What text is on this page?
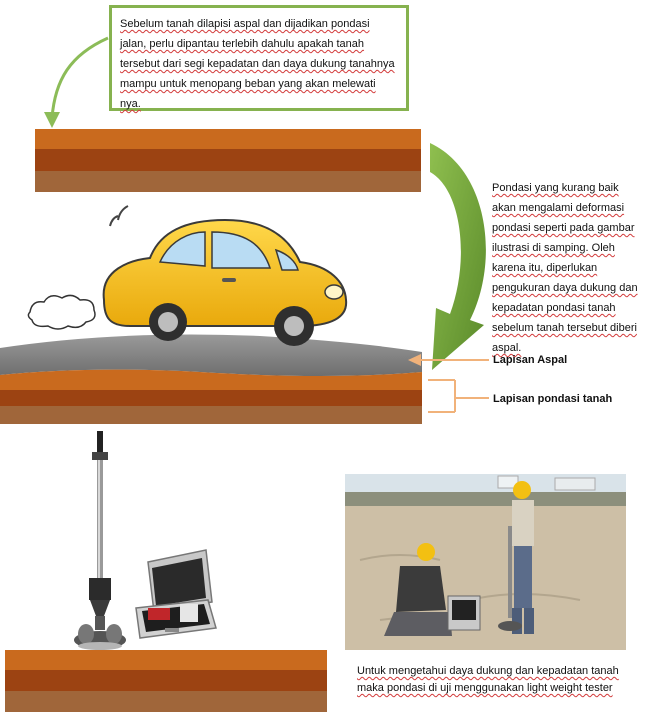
Sebelum tanah dilapisi aspal dan dijadikan pondasi jalan, perlu dipantau terlebih dahulu apakah tanah tersebut dari segi kepadatan dan daya dukung tanahnya mampu untuk menopang beban yang akan melewati nya.
Pondasi yang kurang baik akan mengalami deformasi pondasi seperti pada gambar ilustrasi di samping. Oleh karena itu, diperlukan pengukuran daya dukung dan kepadatan pondasi tanah sebelum tanah tersebut diberi aspal.
Lapisan Aspal
Lapisan pondasi tanah
Untuk mengetahui daya dukung dan kepadatan tanah maka pondasi di uji menggunakan light weight tester
